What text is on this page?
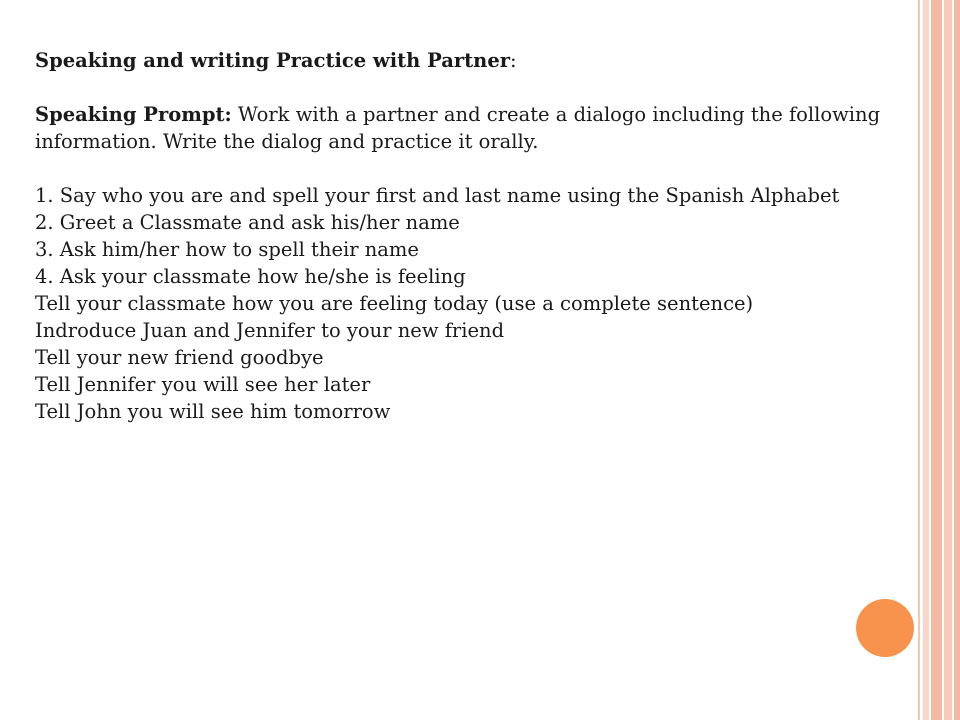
Speaking and writing Practice with Partner:

Speaking Prompt: Work with a partner and create a dialogo including the following information. Write the dialog and practice it orally.

1. Say who you are and spell your first and last name using the Spanish Alphabet
2. Greet a Classmate and ask his/her name
3. Ask him/her how to spell their name
4. Ask your classmate how he/she is feeling
Tell your classmate how you are feeling today (use a complete sentence)
Indroduce Juan and Jennifer to your new friend
Tell your new friend goodbye
Tell Jennifer you will see her later
Tell John you will see him tomorrow
